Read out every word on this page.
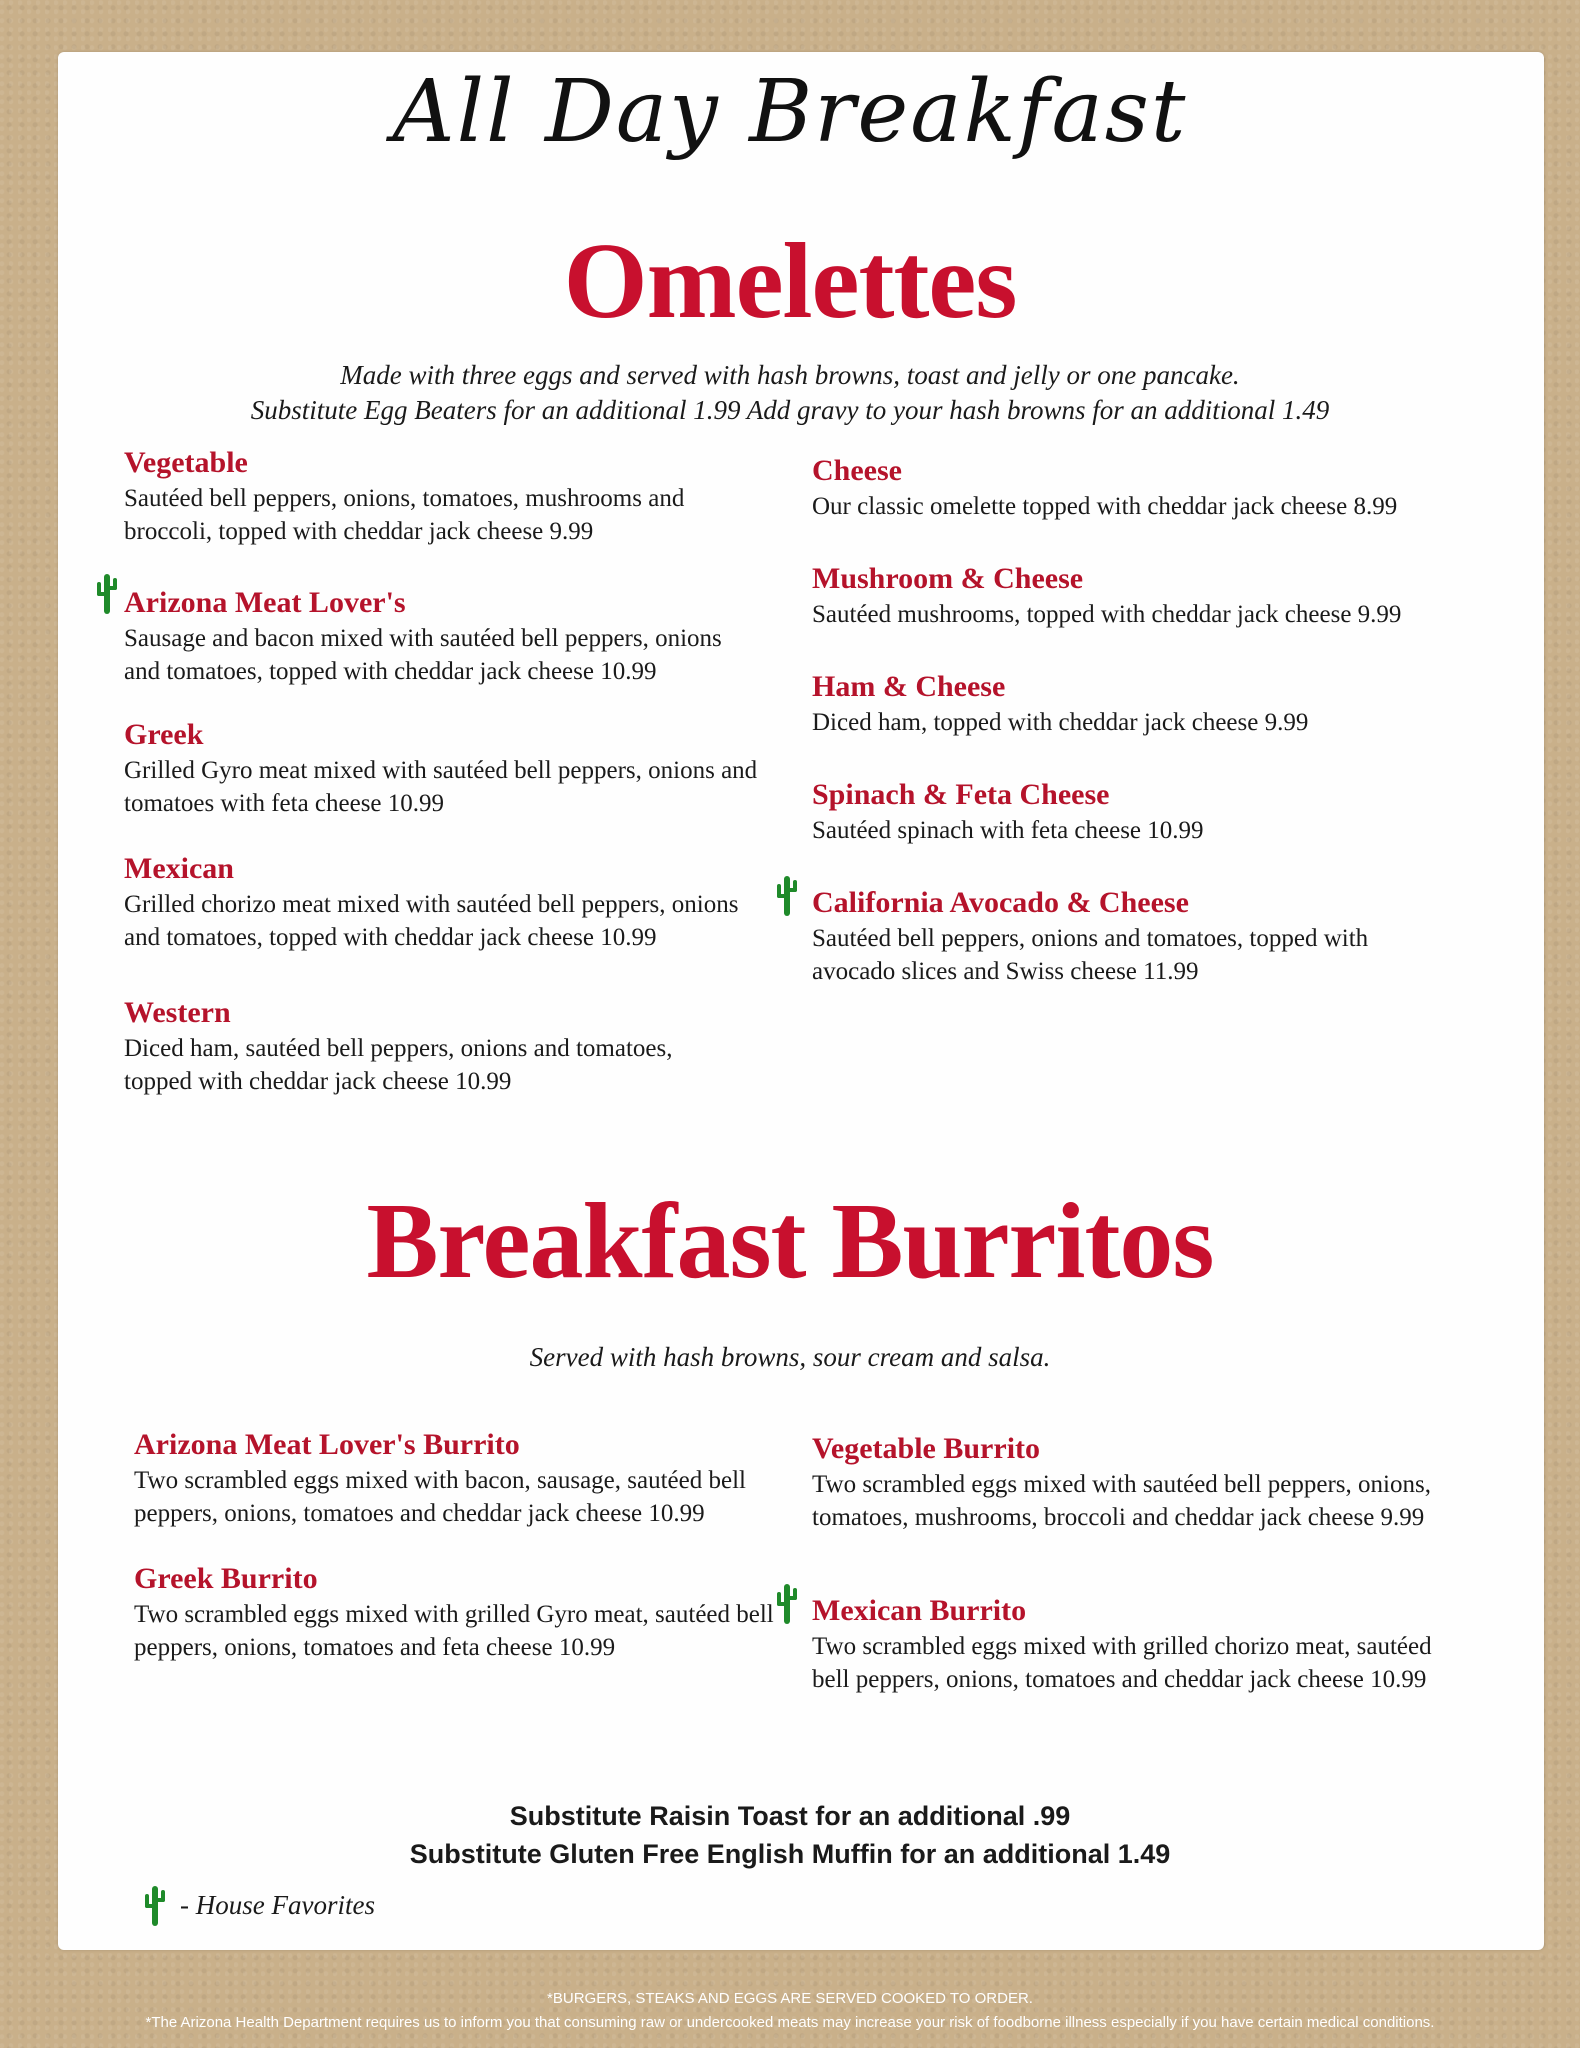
All Day Breakfast
Omelettes
Made with three eggs and served with hash browns, toast and jelly or one pancake.
Substitute Egg Beaters for an additional 1.99 Add gravy to your hash browns for an additional 1.49
Vegetable

Sautéed bell peppers, onions, tomatoes, mushrooms and broccoli, topped with cheddar jack cheese 9.99

Arizona Meat Lover's

Sausage and bacon mixed with sautéed bell peppers, onions and tomatoes, topped with cheddar jack cheese 10.99

Greek

Grilled Gyro meat mixed with sautéed bell peppers, onions and tomatoes with feta cheese 10.99

Mexican

Grilled chorizo meat mixed with sautéed bell peppers, onions and tomatoes, topped with cheddar jack cheese 10.99

Western

Diced ham, sautéed bell peppers, onions and tomatoes, topped with cheddar jack cheese 10.99

Cheese

Our classic omelette topped with cheddar jack cheese 8.99

Mushroom & Cheese

Sautéed mushrooms, topped with cheddar jack cheese 9.99

Ham & Cheese

Diced ham, topped with cheddar jack cheese 9.99

Spinach & Feta Cheese

Sautéed spinach with feta cheese 10.99

California Avocado & Cheese

Sautéed bell peppers, onions and tomatoes, topped with avocado slices and Swiss cheese 11.99

Breakfast Burritos
Served with hash browns, sour cream and salsa.
Arizona Meat Lover's Burrito

Two scrambled eggs mixed with bacon, sausage, sautéed bell peppers, onions, tomatoes and cheddar jack cheese 10.99

Greek Burrito

Two scrambled eggs mixed with grilled Gyro meat, sautéed bell peppers, onions, tomatoes and feta cheese 10.99

Vegetable Burrito

Two scrambled eggs mixed with sautéed bell peppers, onions, tomatoes, mushrooms, broccoli and cheddar jack cheese 9.99

Mexican Burrito

Two scrambled eggs mixed with grilled chorizo meat, sautéed bell peppers, onions, tomatoes and cheddar jack cheese 10.99

Substitute Raisin Toast for an additional .99
Substitute Gluten Free English Muffin for an additional 1.49
- House Favorites
*BURGERS, STEAKS AND EGGS ARE SERVED COOKED TO ORDER.
*The Arizona Health Department requires us to inform you that consuming raw or undercooked meats may increase your risk of foodborne illness especially if you have certain medical conditions.
